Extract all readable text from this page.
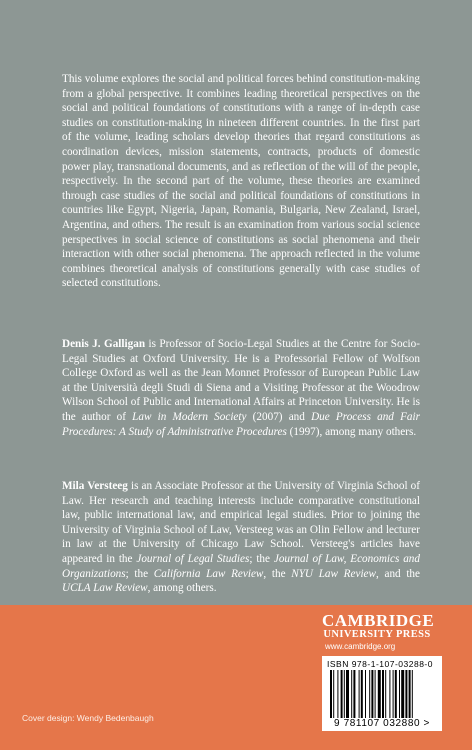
This volume explores the social and political forces behind constitution-making from a global perspective. It combines leading theoretical perspectives on the social and political foundations of constitutions with a range of in-depth case studies on constitution-making in nineteen different countries. In the first part of the volume, leading scholars develop theories that regard constitutions as coordination devices, mission statements, contracts, products of domestic power play, transnational documents, and as reflection of the will of the people, respectively. In the second part of the volume, these theories are examined through case studies of the social and political foundations of constitutions in countries like Egypt, Nigeria, Japan, Romania, Bulgaria, New Zealand, Israel, Argentina, and others. The result is an examination from various social science perspectives in social science of constitutions as social phenomena and their interaction with other social phenomena. The approach reflected in the volume combines theoretical analysis of constitutions generally with case studies of selected constitutions.

Denis J. Galligan is Professor of Socio-Legal Studies at the Centre for Socio-Legal Studies at Oxford University. He is a Professorial Fellow of Wolfson College Oxford as well as the Jean Monnet Professor of European Public Law at the Università degli Studi di Siena and a Visiting Professor at the Woodrow Wilson School of Public and International Affairs at Princeton University. He is the author of Law in Modern Society (2007) and Due Process and Fair Procedures: A Study of Administrative Procedures (1997), among many others.

Mila Versteeg is an Associate Professor at the University of Virginia School of Law. Her research and teaching interests include comparative constitutional law, public international law, and empirical legal studies. Prior to joining the University of Virginia School of Law, Versteeg was an Olin Fellow and lecturer in law at the University of Chicago Law School. Versteeg's articles have appeared in the Journal of Legal Studies; the Journal of Law, Economics and Organizations; the California Law Review, the NYU Law Review, and the UCLA Law Review, among others.

CAMBRIDGE
UNIVERSITY PRESS
www.cambridge.org
ISBN 978-1-107-03288-0
9 781107 032880 >
Cover design: Wendy Bedenbaugh
